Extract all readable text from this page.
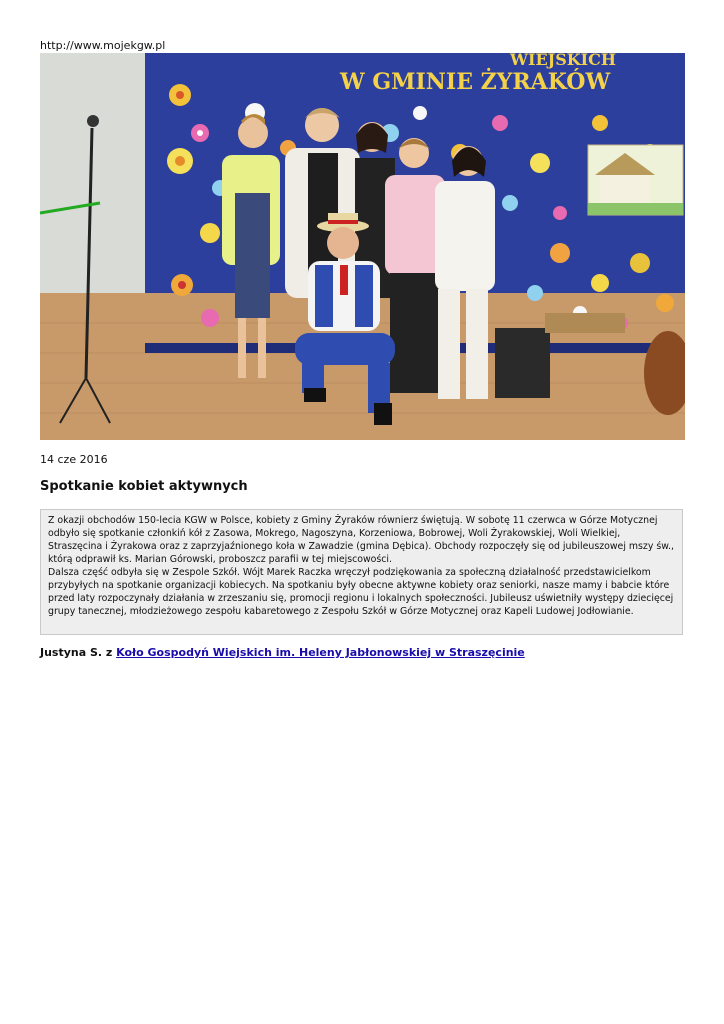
http://www.mojekgw.pl
W GMINIE ŻYRAKÓW
WIEJSKICH
14 cze 2016
Spotkanie kobiet aktywnych

Z okazji obchodów 150-lecia KGW w Polsce, kobiety z Gminy Żyraków równierz świętują. W sobotę 11 czerwca w Górze Motycznej odbyło się spotkanie członkiń kół z Zasowa, Mokrego, Nagoszyna, Korzeniowa, Bobrowej, Woli Żyrakowskiej, Woli Wielkiej, Straszęcina i Żyrakowa oraz z zaprzyjaźnionego koła w Zawadzie (gmina Dębica). Obchody rozpoczęły się od jubileuszowej mszy św., którą odprawił ks. Marian Górowski, proboszcz parafii w tej miejscowości.

Dalsza część odbyła się w Zespole Szkół. Wójt Marek Raczka wręczył podziękowania za społeczną działalność przedstawicielkom przybyłych na spotkanie organizacji kobiecych. Na spotkaniu były obecne aktywne kobiety oraz seniorki, nasze mamy i babcie które przed laty rozpoczynały działania w zrzeszaniu się, promocji regionu i lokalnych społeczności. Jubileusz uświetniły występy dziecięcej grupy tanecznej, młodzieżowego zespołu kabaretowego z Zespołu Szkół w Górze Motycznej oraz Kapeli Ludowej Jodłowianie.

Justyna S. z Koło Gospodyń Wiejskich im. Heleny Jabłonowskiej w Straszęcinie
